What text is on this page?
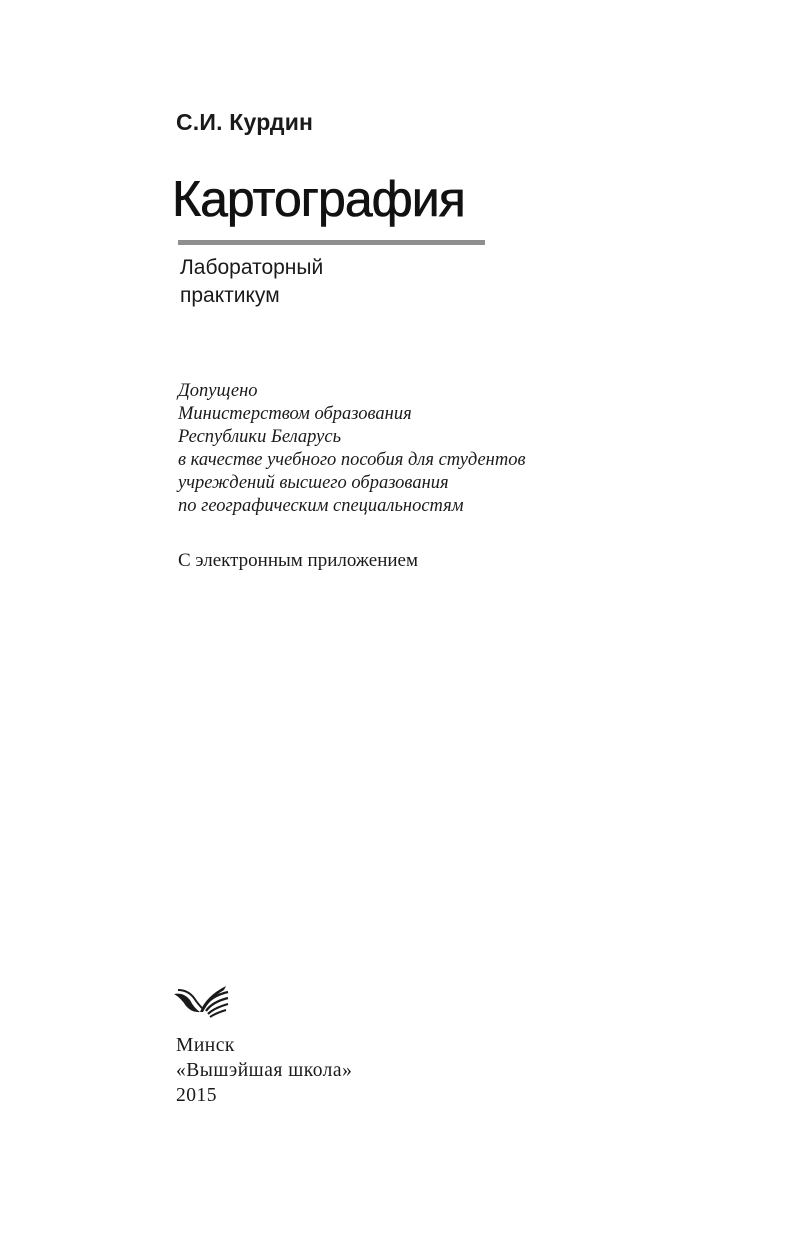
С.И. Курдин
Картография
Лабораторный
практикум
Допущено
Министерством образования
Республики Беларусь
в качестве учебного пособия для студентов
учреждений высшего образования
по географическим специальностям
С электронным приложением
Минск
«Вышэйшая школа»
2015
